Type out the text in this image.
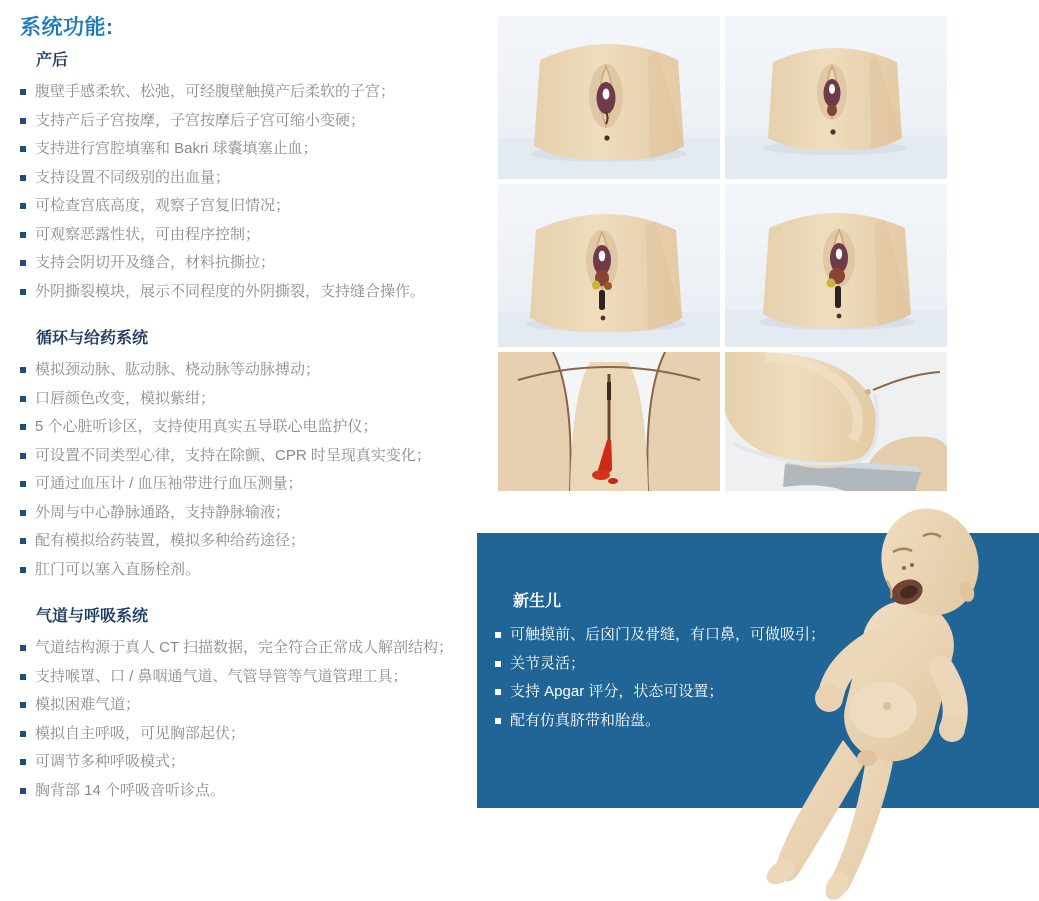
系统功能:
产后
腹壁手感柔软、松弛，可经腹壁触摸产后柔软的子宫；
支持产后子宫按摩，子宫按摩后子宫可缩小变硬；
支持进行宫腔填塞和 Bakri 球囊填塞止血；
支持设置不同级别的出血量；
可检查宫底高度，观察子宫复旧情况；
可观察恶露性状，可由程序控制；
支持会阴切开及缝合，材料抗撕拉；
外阴撕裂模块，展示不同程度的外阴撕裂，支持缝合操作。
循环与给药系统
模拟颈动脉、肱动脉、桡动脉等动脉搏动；
口唇颜色改变，模拟紫绀；
5 个心脏听诊区，支持使用真实五导联心电监护仪；
可设置不同类型心律，支持在除颤、CPR 时呈现真实变化；
可通过血压计 / 血压袖带进行血压测量；
外周与中心静脉通路，支持静脉输液；
配有模拟给药装置，模拟多种给药途径；
肛门可以塞入直肠栓剂。
气道与呼吸系统
气道结构源于真人 CT 扫描数据，完全符合正常成人解剖结构；
支持喉罩、口 / 鼻咽通气道、气管导管等气道管理工具；
模拟困难气道；
模拟自主呼吸，可见胸部起伏；
可调节多种呼吸模式；
胸背部 14 个呼吸音听诊点。
新生儿
可触摸前、后囟门及骨缝，有口鼻，可做吸引；
关节灵活；
支持 Apgar 评分，状态可设置；
配有仿真脐带和胎盘。
